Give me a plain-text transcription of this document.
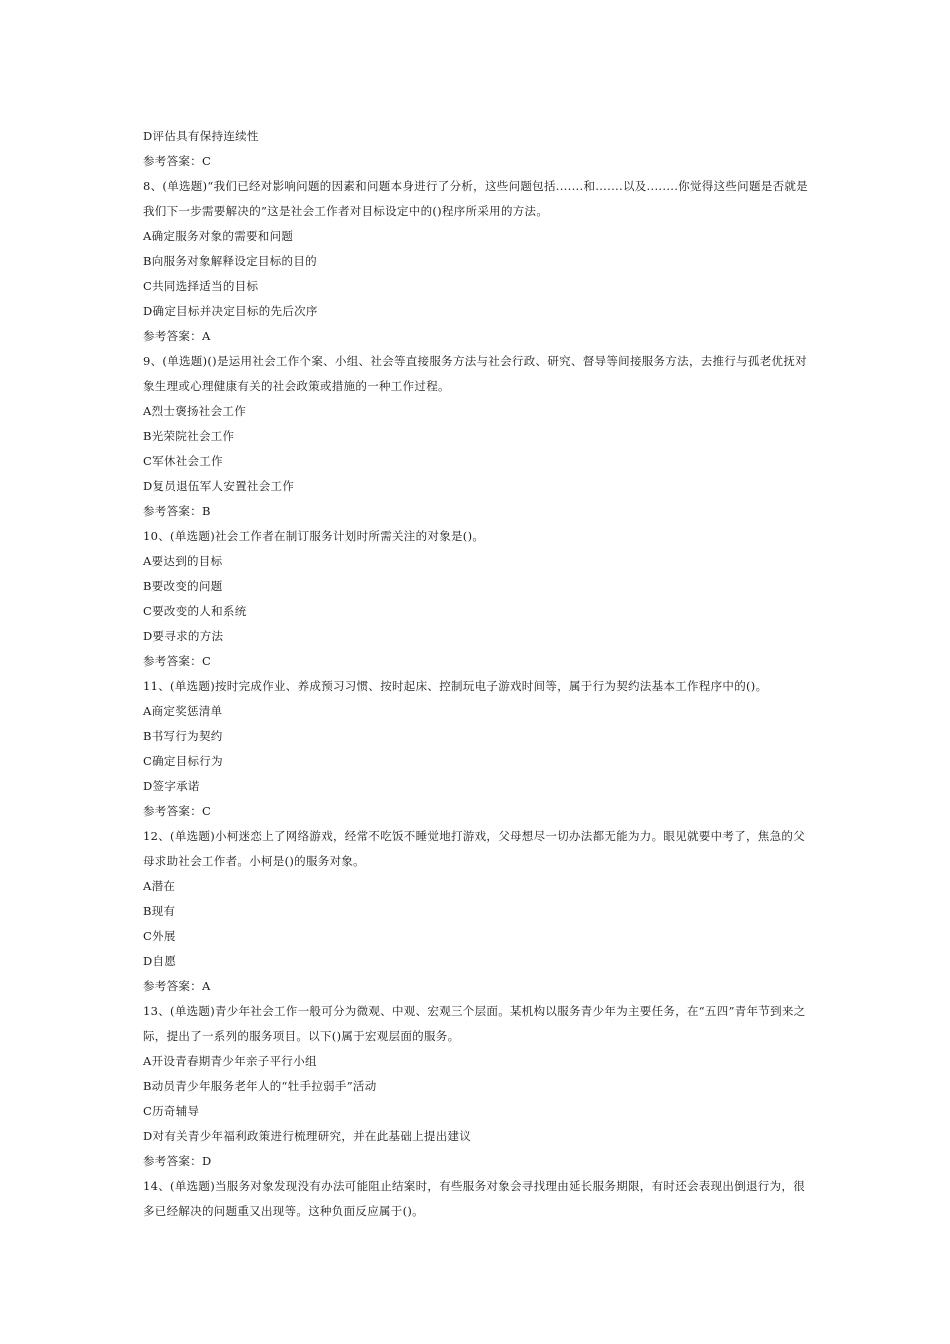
D评估具有保持连续性
参考答案：C
8、(单选题)“我们已经对影响问题的因素和问题本身进行了分析，这些问题包括.......和.......以及........你觉得这些问题是否就是我们下一步需要解决的”这是社会工作者对目标设定中的()程序所采用的方法。
A确定服务对象的需要和问题
B向服务对象解释设定目标的目的
C共同选择适当的目标
D确定目标并决定目标的先后次序
参考答案：A
9、(单选题)()是运用社会工作个案、小组、社会等直接服务方法与社会行政、研究、督导等间接服务方法，去推行与孤老优抚对象生理或心理健康有关的社会政策或措施的一种工作过程。
A烈士褒扬社会工作
B光荣院社会工作
C军休社会工作
D复员退伍军人安置社会工作
参考答案：B
10、(单选题)社会工作者在制订服务计划时所需关注的对象是()。
A要达到的目标
B要改变的问题
C要改变的人和系统
D要寻求的方法
参考答案：C
11、(单选题)按时完成作业、养成预习习惯、按时起床、控制玩电子游戏时间等，属于行为契约法基本工作程序中的()。
A商定奖惩清单
B书写行为契约
C确定目标行为
D签字承诺
参考答案：C
12、(单选题)小柯迷恋上了网络游戏，经常不吃饭不睡觉地打游戏，父母想尽一切办法都无能为力。眼见就要中考了，焦急的父母求助社会工作者。小柯是()的服务对象。
A潜在
B现有
C外展
D自愿
参考答案：A
13、(单选题)青少年社会工作一般可分为微观、中观、宏观三个层面。某机构以服务青少年为主要任务，在“五四”青年节到来之际，提出了一系列的服务项目。以下()属于宏观层面的服务。
A开设青春期青少年亲子平行小组
B动员青少年服务老年人的“牡手拉弱手”活动
C历奇辅导
D对有关青少年福利政策进行梳理研究，并在此基础上提出建议
参考答案：D
14、(单选题)当服务对象发现没有办法可能阻止结案时，有些服务对象会寻找理由延长服务期限，有时还会表现出倒退行为，很多已经解决的问题重又出现等。这种负面反应属于()。
